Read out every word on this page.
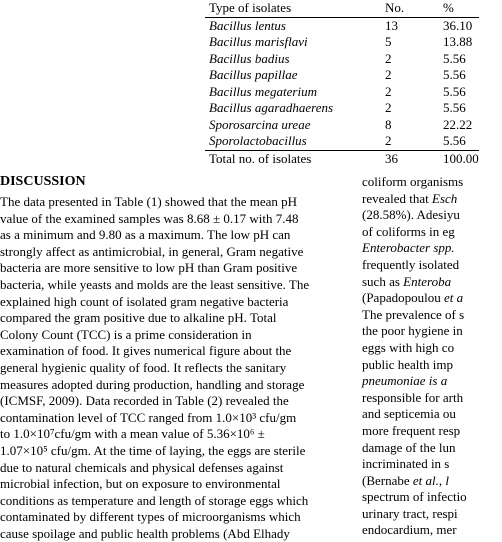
Type of isolates	No.	%
Bacillus lentus	13	36.10
Bacillus marisflavi	5	13.88
Bacillus badius	2	5.56
Bacillus papillae	2	5.56
Bacillus megaterium	2	5.56
Bacillus agaradhaerens	2	5.56
Sporosarcina ureae	8	22.22
Sporolactobacillus	2	5.56
Total no. of isolates	36	100.00
DISCUSSION

The data presented in Table (1) showed that the mean pH
value of the examined samples was 8.68 ± 0.17 with 7.48
as a minimum and 9.80 as a maximum. The low pH can
strongly affect as antimicrobial, in general, Gram negative
bacteria are more sensitive to low pH than Gram positive
bacteria, while yeasts and molds are the least sensitive. The
explained high count of isolated gram negative bacteria
compared the gram positive due to alkaline pH. Total
Colony Count (TCC) is a prime consideration in
examination of food. It gives numerical figure about the
general hygienic quality of food. It reflects the sanitary
measures adopted during production, handling and storage
(ICMSF, 2009). Data recorded in Table (2) revealed the
contamination level of TCC ranged from 1.0×10³ cfu/gm
to 1.0×10⁷cfu/gm with a mean value of 5.36×10⁶ ±
1.07×10⁵ cfu/gm. At the time of laying, the eggs are sterile
due to natural chemicals and physical defenses against
microbial infection, but on exposure to environmental
conditions as temperature and length of storage eggs which
contaminated by different types of microorganisms which
cause spoilage and public health problems (Abd Elhady

coliform organisms
revealed that Esch
(28.58%). Adesiyu
of coliforms in eg
Enterobacter spp.
frequently isolated
such as Enteroba
(Papadopoulou et a
The prevalence of s
the poor hygiene in
eggs with high co
public health imp
pneumoniae is a
responsible for arth
and septicemia ou
more frequent resp
damage of the lun
incriminated in s
(Bernabe et al., l
spectrum of infectio
urinary tract, respi
endocardium, mer
